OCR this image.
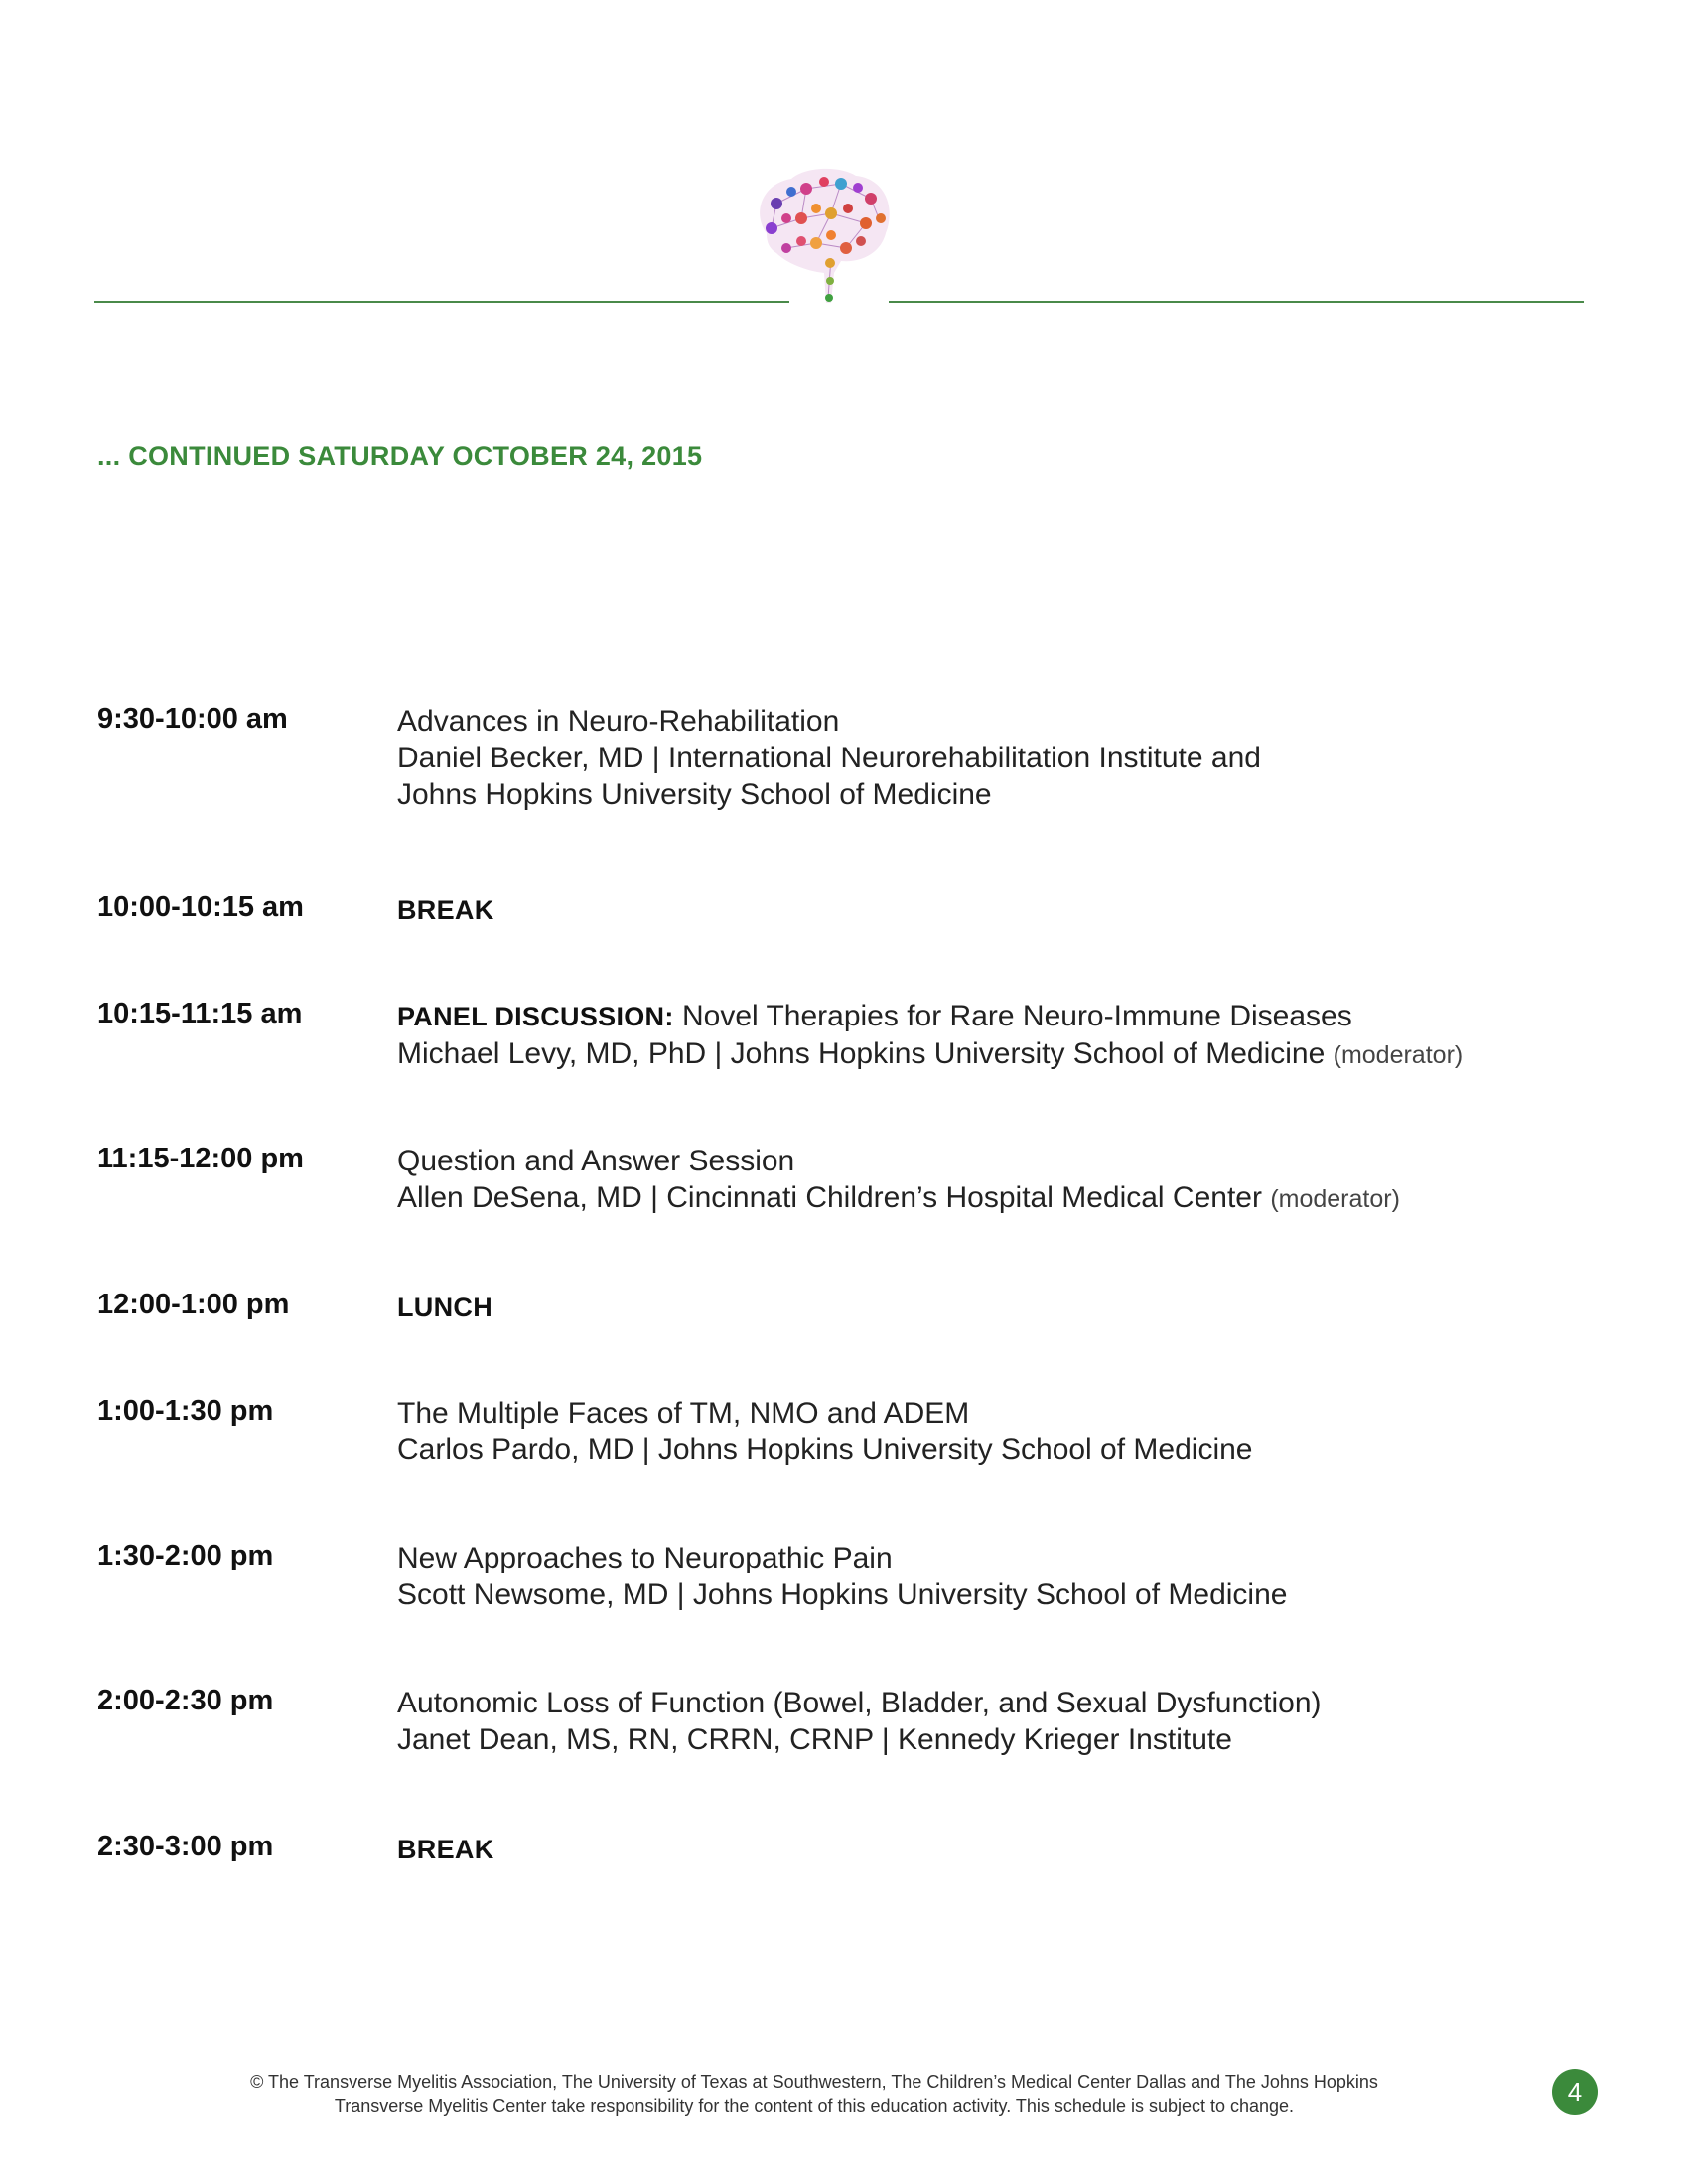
... CONTINUED SATURDAY OCTOBER 24, 2015
9:30-10:00 am	Advances in Neuro-Rehabilitation
Daniel Becker, MD | International Neurorehabilitation Institute and
Johns Hopkins University School of Medicine
10:00-10:15 am	BREAK
10:15-11:15 am	PANEL DISCUSSION: Novel Therapies for Rare Neuro-Immune Diseases
Michael Levy, MD, PhD | Johns Hopkins University School of Medicine (moderator)
11:15-12:00 pm	Question and Answer Session
Allen DeSena, MD | Cincinnati Children’s Hospital Medical Center (moderator)
12:00-1:00 pm	LUNCH
1:00-1:30 pm	The Multiple Faces of TM, NMO and ADEM
Carlos Pardo, MD | Johns Hopkins University School of Medicine
1:30-2:00 pm	New Approaches to Neuropathic Pain
Scott Newsome, MD | Johns Hopkins University School of Medicine
2:00-2:30 pm	Autonomic Loss of Function (Bowel, Bladder, and Sexual Dysfunction)
Janet Dean, MS, RN, CRRN, CRNP | Kennedy Krieger Institute
2:30-3:00 pm	BREAK
© The Transverse Myelitis Association, The University of Texas at Southwestern, The Children’s Medical Center Dallas and The Johns Hopkins
Transverse Myelitis Center take responsibility for the content of this education activity. This schedule is subject to change.	4
